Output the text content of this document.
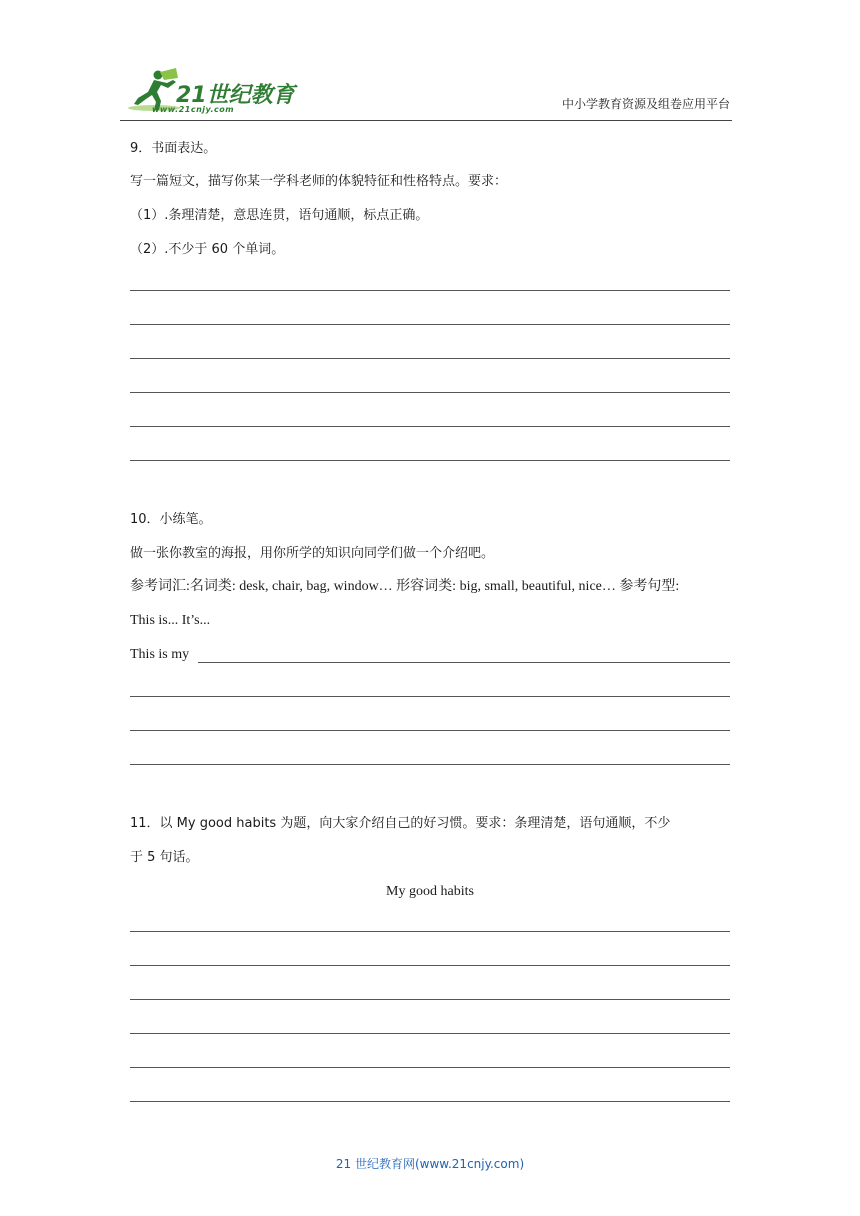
21世纪教育
www.21cnjy.com	中小学教育资源及组卷应用平台
9．书面表达。
写一篇短文，描写你某一学科老师的体貌特征和性格特点。要求：
（1）.条理清楚，意思连贯，语句通顺，标点正确。
（2）.不少于 60 个单词。
10．小练笔。
做一张你教室的海报，用你所学的知识向同学们做一个介绍吧。
参考词汇:名词类: desk, chair, bag, window… 形容词类: big, small, beautiful, nice… 参考句型:
This is... It’s...
This is my
11．以 My good habits 为题，向大家介绍自己的好习惯。要求：条理清楚，语句通顺，不少
于 5 句话。
My good habits
21 世纪教育网(www.21cnjy.com)
